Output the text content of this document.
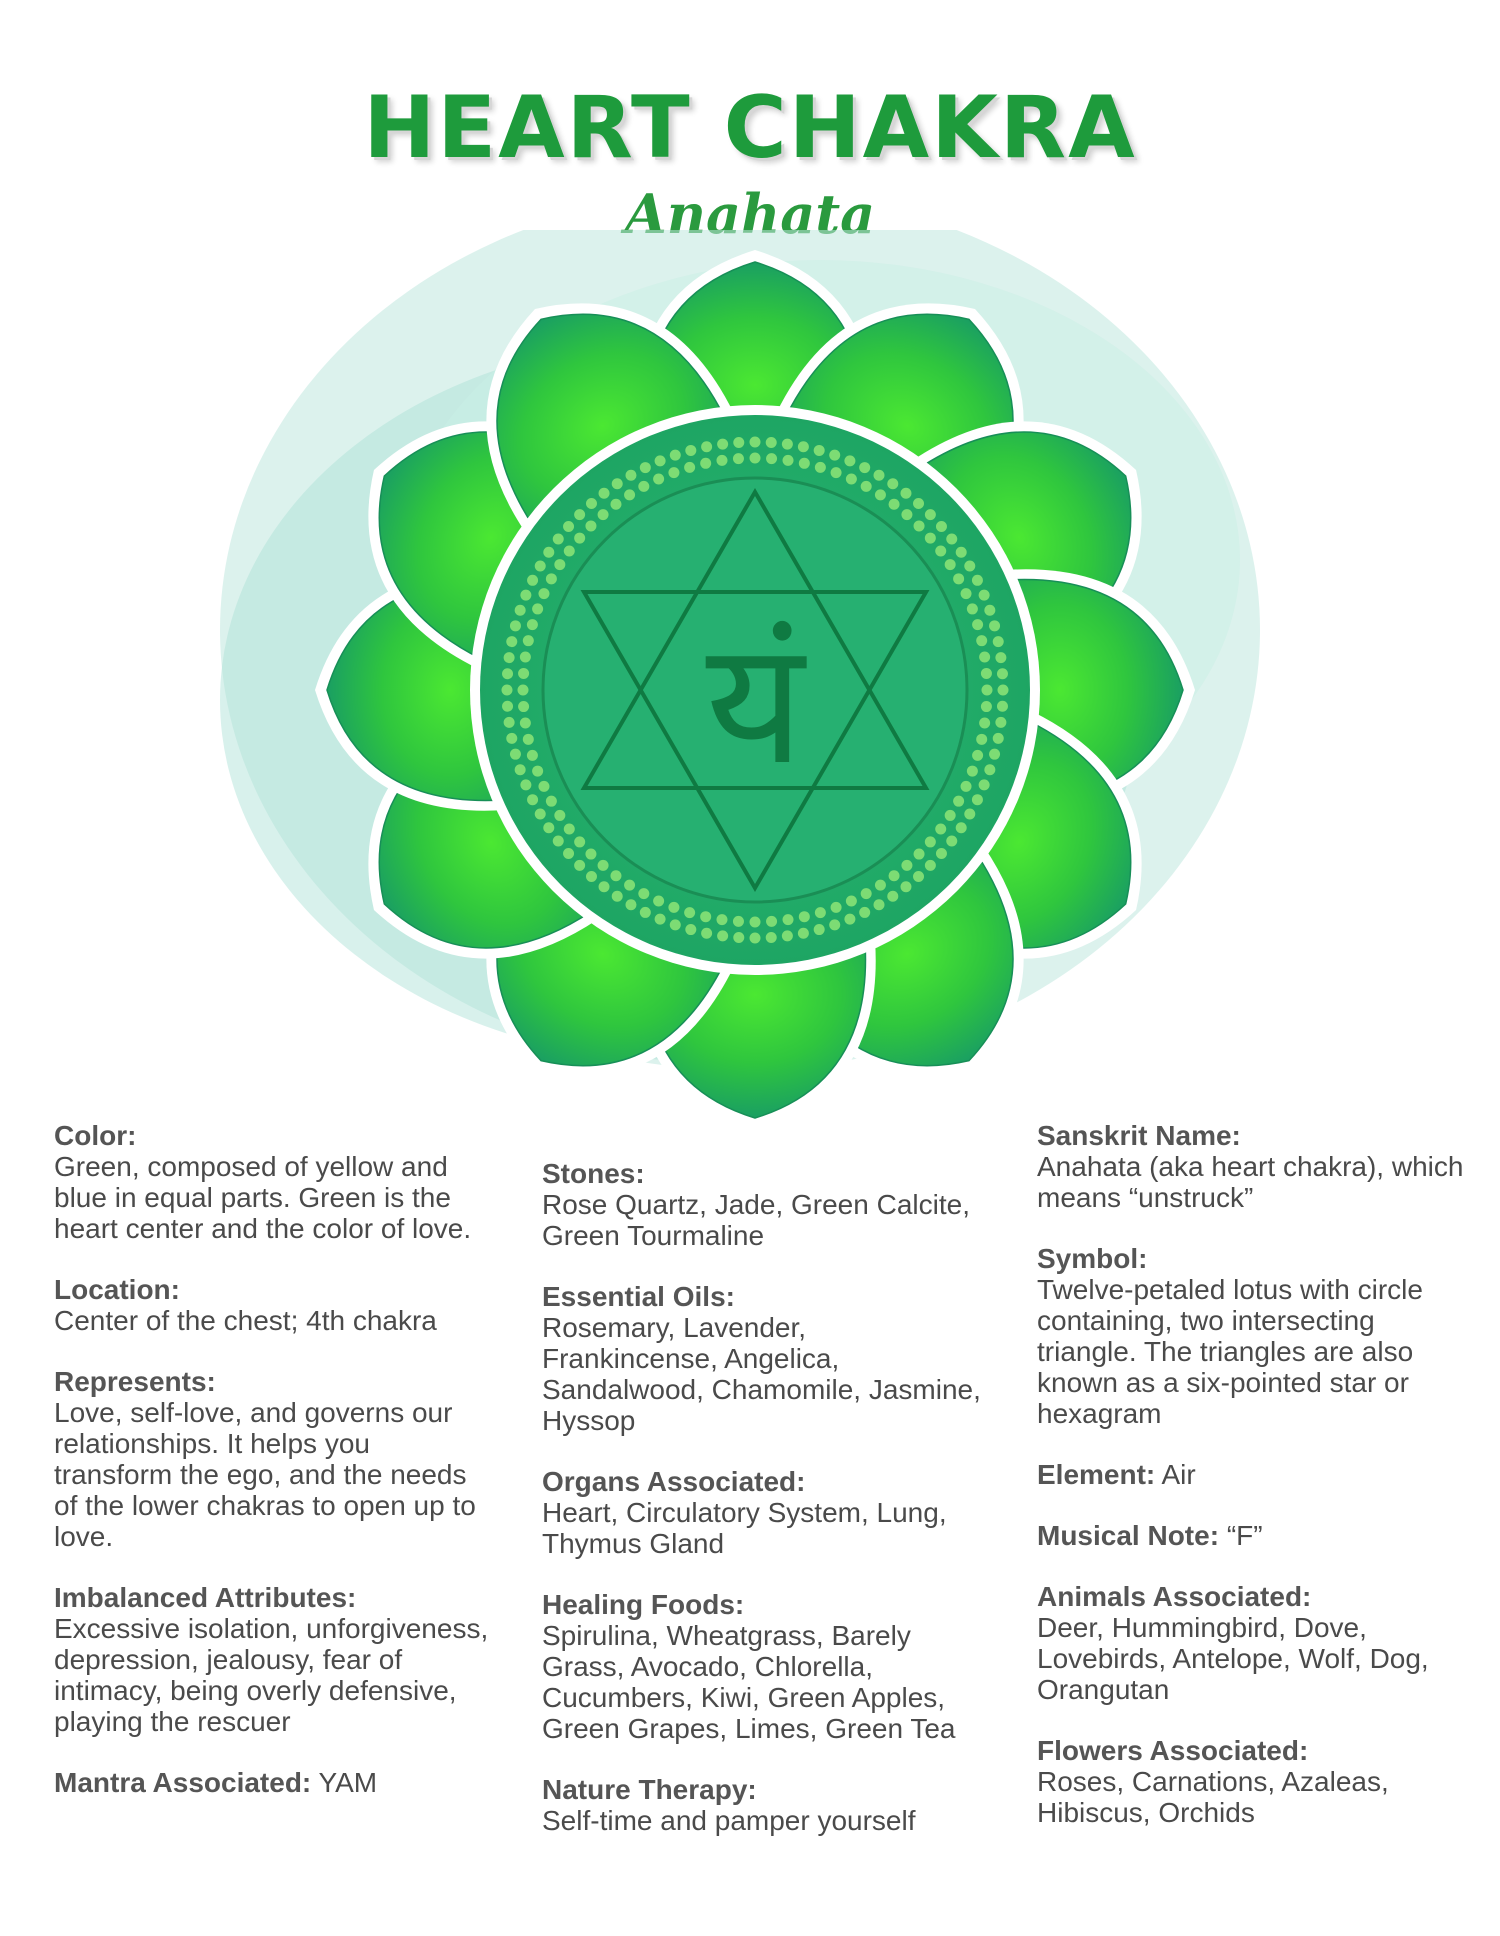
HEART CHAKRA
Anahata
यं
Color:
Green, composed of yellow and blue in equal parts. Green is the heart center and the color of love.
Location:
Center of the chest; 4th chakra
Represents:
Love, self-love, and governs our relationships. It helps you transform the ego, and the needs of the lower chakras to open up to love.
Imbalanced Attributes:
Excessive isolation, unforgiveness, depression, jealousy, fear of intimacy, being overly defensive, playing the rescuer
Mantra Associated: YAM
Stones:
Rose Quartz, Jade, Green Calcite, Green Tourmaline
Essential Oils:
Rosemary, Lavender, Frankincense, Angelica, Sandalwood, Chamomile, Jasmine, Hyssop
Organs Associated:
Heart, Circulatory System, Lung, Thymus Gland
Healing Foods:
Spirulina, Wheatgrass, Barely Grass, Avocado, Chlorella, Cucumbers, Kiwi, Green Apples, Green Grapes, Limes, Green Tea
Nature Therapy:
Self-time and pamper yourself
Sanskrit Name:
Anahata (aka heart chakra), which means “unstruck”
Symbol:
Twelve-petaled lotus with circle containing, two intersecting triangle. The triangles are also known as a six-pointed star or hexagram
Element: Air
Musical Note: “F”
Animals Associated:
Deer, Hummingbird, Dove, Lovebirds, Antelope, Wolf, Dog, Orangutan
Flowers Associated:
Roses, Carnations, Azaleas, Hibiscus, Orchids
